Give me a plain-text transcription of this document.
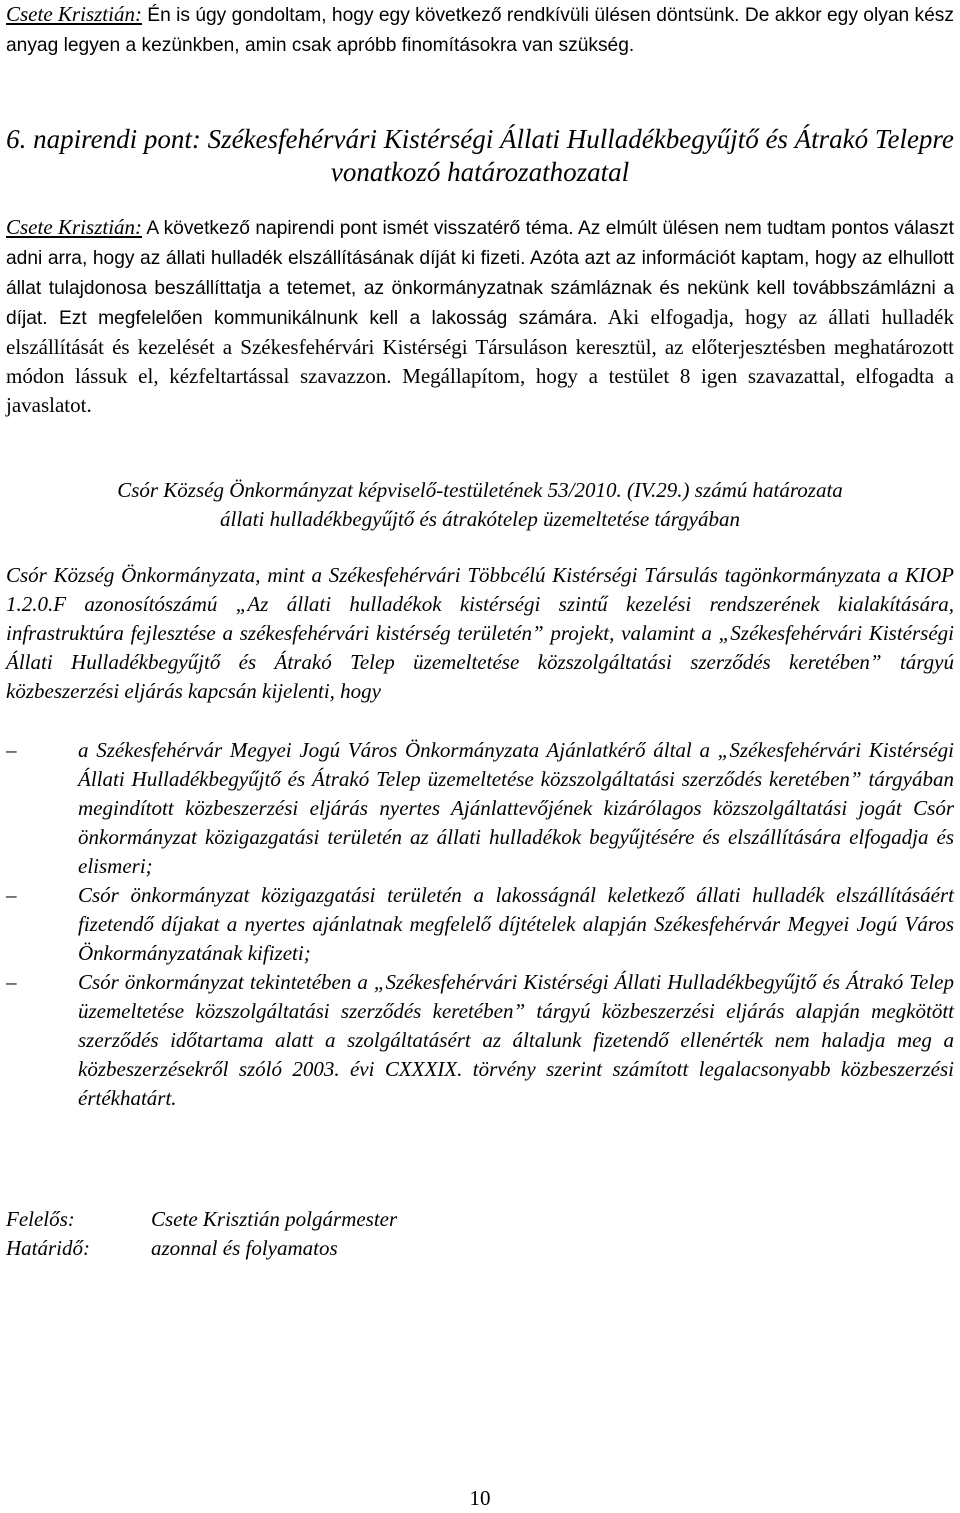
Csete Krisztián: Én is úgy gondoltam, hogy egy következő rendkívüli ülésen döntsünk. De akkor egy olyan kész anyag legyen a kezünkben, amin csak apróbb finomításokra van szükség.

6. napirendi pont: Székesfehérvári Kistérségi Állati Hulladékbegyűjtő és Átrakó Telepre vonatkozó határozathozatal

Csete Krisztián: A következő napirendi pont ismét visszatérő téma. Az elmúlt ülésen nem tudtam pontos választ adni arra, hogy az állati hulladék elszállításának díját ki fizeti. Azóta azt az információt kaptam, hogy az elhullott állat tulajdonosa beszállíttatja a tetemet, az önkormányzatnak számláznak és nekünk kell továbbszámlázni a díjat. Ezt megfelelően kommunikálnunk kell a lakosság számára. Aki elfogadja, hogy az állati hulladék elszállítását és kezelését a Székesfehérvári Kistérségi Társuláson keresztül, az előterjesztésben meghatározott módon lássuk el, kézfeltartással szavazzon. Megállapítom, hogy a testület 8 igen szavazattal, elfogadta a javaslatot.

Csór Község Önkormányzat képviselő-testületének 53/2010. (IV.29.) számú határozata
állati hulladékbegyűjtő és átrakótelep üzemeltetése tárgyában

Csór Község Önkormányzata, mint a Székesfehérvári Többcélú Kistérségi Társulás tagönkormányzata a KIOP 1.2.0.F azonosítószámú „Az állati hulladékok kistérségi szintű kezelési rendszerének kialakítására, infrastruktúra fejlesztése a székesfehérvári kistérség területén” projekt, valamint a „Székesfehérvári Kistérségi Állati Hulladékbegyűjtő és Átrakó Telep üzemeltetése közszolgáltatási szerződés keretében” tárgyú közbeszerzési eljárás kapcsán kijelenti, hogy

–	a Székesfehérvár Megyei Jogú Város Önkormányzata Ajánlatkérő által a „Székesfehérvári Kistérségi Állati Hulladékbegyűjtő és Átrakó Telep üzemeltetése közszolgáltatási szerződés keretében” tárgyában megindított közbeszerzési eljárás nyertes Ajánlattevőjének kizárólagos közszolgáltatási jogát Csór önkormányzat közigazgatási területén az állati hulladékok begyűjtésére és elszállítására elfogadja és elismeri;
–	Csór önkormányzat közigazgatási területén a lakosságnál keletkező állati hulladék elszállításáért fizetendő díjakat a nyertes ajánlatnak megfelelő díjtételek alapján Székesfehérvár Megyei Jogú Város Önkormányzatának kifizeti;
–	Csór önkormányzat tekintetében a „Székesfehérvári Kistérségi Állati Hulladékbegyűjtő és Átrakó Telep üzemeltetése közszolgáltatási szerződés keretében” tárgyú közbeszerzési eljárás alapján megkötött szerződés időtartama alatt a szolgáltatásért az általunk fizetendő ellenérték nem haladja meg a közbeszerzésekről szóló 2003. évi CXXXIX. törvény szerint számított legalacsonyabb közbeszerzési értékhatárt.

Felelős:	Csete Krisztián polgármester

Határidő:	azonnal és folyamatos

10
